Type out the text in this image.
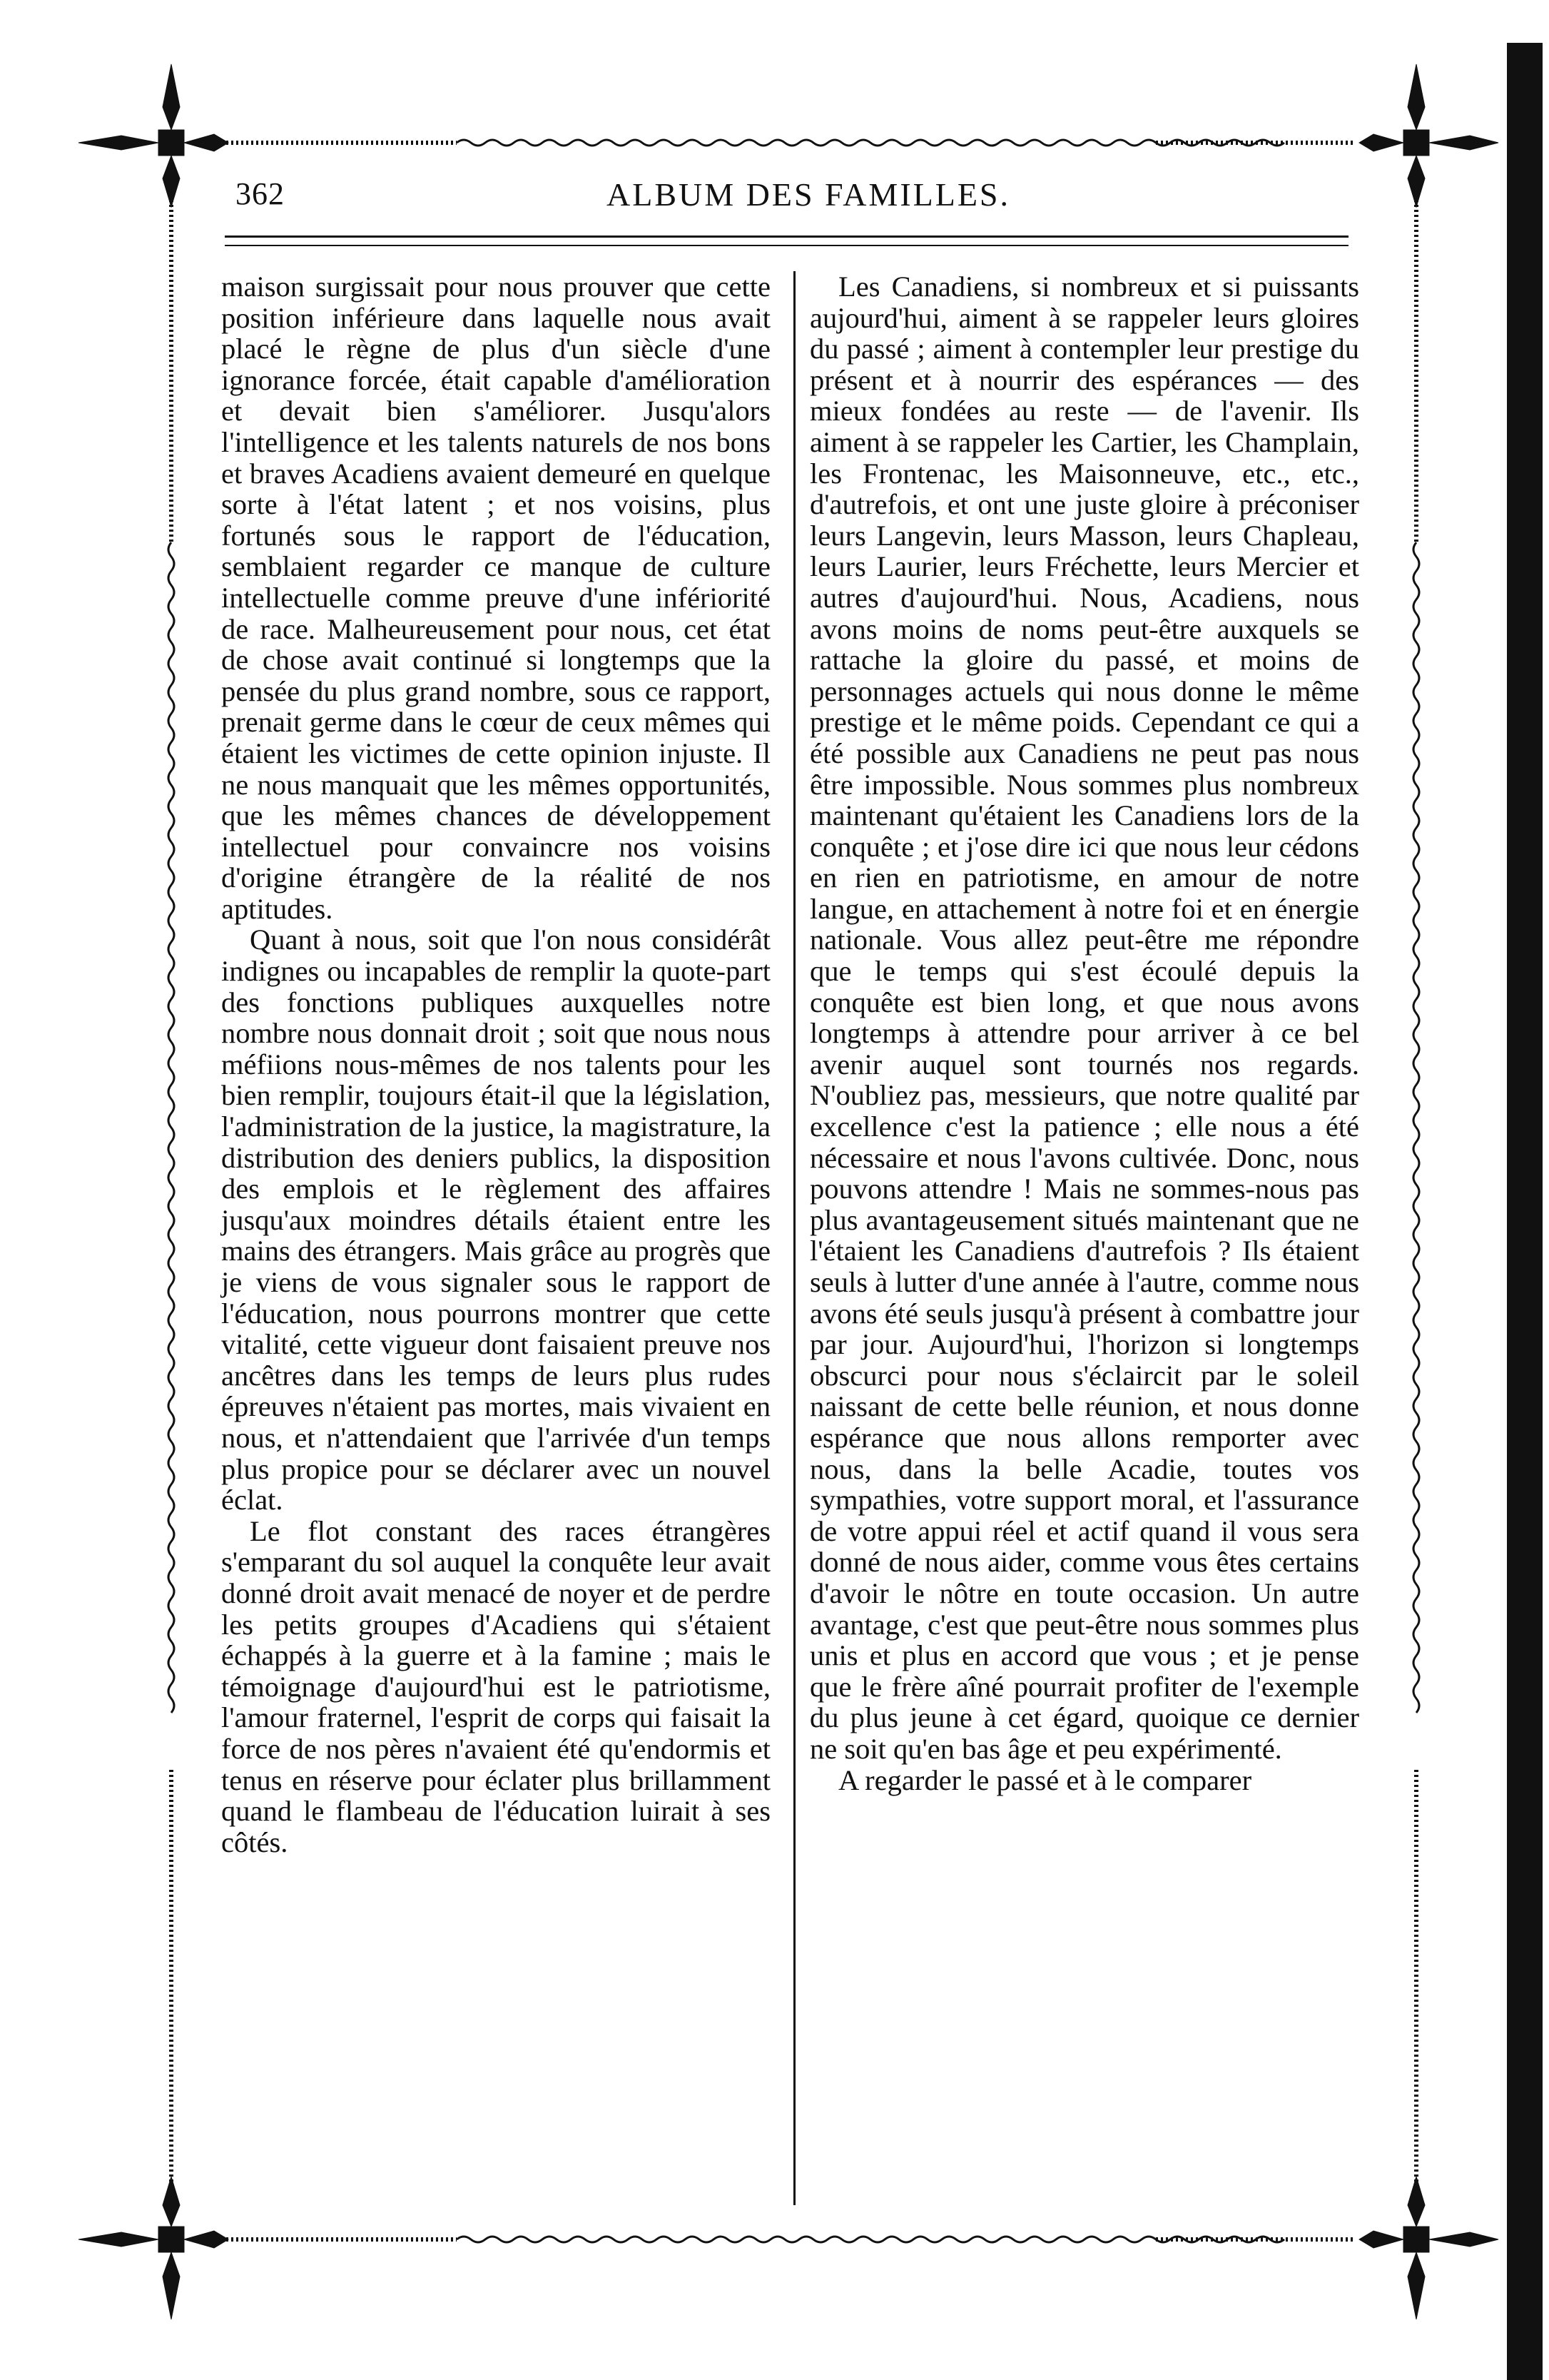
362	ALBUM DES FAMILLES.

maison surgissait pour nous prouver que cette position inférieure dans laquelle nous avait placé le règne de plus d'un siècle d'une ignorance forcée, était capable d'amélioration et devait bien s'améliorer. Jusqu'alors l'intelligence et les talents naturels de nos bons et braves Acadiens avaient demeuré en quelque sorte à l'état latent ; et nos voisins, plus fortunés sous le rapport de l'éducation, semblaient regarder ce manque de culture intellectuelle comme preuve d'une infériorité de race. Malheureusement pour nous, cet état de chose avait continué si longtemps que la pensée du plus grand nombre, sous ce rapport, prenait germe dans le cœur de ceux mêmes qui étaient les victimes de cette opinion injuste. Il ne nous manquait que les mêmes opportunités, que les mêmes chances de développement intellectuel pour convaincre nos voisins d'origine étrangère de la réalité de nos aptitudes.

Quant à nous, soit que l'on nous considérât indignes ou incapables de remplir la quote-part des fonctions publiques auxquelles notre nombre nous donnait droit ; soit que nous nous méfiions nous-mêmes de nos talents pour les bien remplir, toujours était-il que la législation, l'administration de la justice, la magistrature, la distribution des deniers publics, la disposition des emplois et le règlement des affaires jusqu'aux moindres détails étaient entre les mains des étrangers. Mais grâce au progrès que je viens de vous signaler sous le rapport de l'éducation, nous pourrons montrer que cette vitalité, cette vigueur dont faisaient preuve nos ancêtres dans les temps de leurs plus rudes épreuves n'étaient pas mortes, mais vivaient en nous, et n'attendaient que l'arrivée d'un temps plus propice pour se déclarer avec un nouvel éclat.

Le flot constant des races étrangères s'emparant du sol auquel la conquête leur avait donné droit avait menacé de noyer et de perdre les petits groupes d'Acadiens qui s'étaient échappés à la guerre et à la famine ; mais le témoignage d'aujourd'hui est le patriotisme, l'amour fraternel, l'esprit de corps qui faisait la force de nos pères n'avaient été qu'endormis et tenus en réserve pour éclater plus brillamment quand le flambeau de l'éducation luirait à ses côtés.

Les Canadiens, si nombreux et si puissants aujourd'hui, aiment à se rappeler leurs gloires du passé ; aiment à contempler leur prestige du présent et à nourrir des espérances — des mieux fondées au reste — de l'avenir. Ils aiment à se rappeler les Cartier, les Champlain, les Frontenac, les Maisonneuve, etc., etc., d'autrefois, et ont une juste gloire à préconiser leurs Langevin, leurs Masson, leurs Chapleau, leurs Laurier, leurs Fréchette, leurs Mercier et autres d'aujourd'hui. Nous, Acadiens, nous avons moins de noms peut-être auxquels se rattache la gloire du passé, et moins de personnages actuels qui nous donne le même prestige et le même poids. Cependant ce qui a été possible aux Canadiens ne peut pas nous être impossible. Nous sommes plus nombreux maintenant qu'étaient les Canadiens lors de la conquête ; et j'ose dire ici que nous leur cédons en rien en patriotisme, en amour de notre langue, en attachement à notre foi et en énergie nationale. Vous allez peut-être me répondre que le temps qui s'est écoulé depuis la conquête est bien long, et que nous avons longtemps à attendre pour arriver à ce bel avenir auquel sont tournés nos regards. N'oubliez pas, messieurs, que notre qualité par excellence c'est la patience ; elle nous a été nécessaire et nous l'avons cultivée. Donc, nous pouvons attendre ! Mais ne sommes-nous pas plus avantageusement situés maintenant que ne l'étaient les Canadiens d'autrefois ? Ils étaient seuls à lutter d'une année à l'autre, comme nous avons été seuls jusqu'à présent à combattre jour par jour. Aujourd'hui, l'horizon si longtemps obscurci pour nous s'éclaircit par le soleil naissant de cette belle réunion, et nous donne espérance que nous allons remporter avec nous, dans la belle Acadie, toutes vos sympathies, votre support moral, et l'assurance de votre appui réel et actif quand il vous sera donné de nous aider, comme vous êtes certains d'avoir le nôtre en toute occasion. Un autre avantage, c'est que peut-être nous sommes plus unis et plus en accord que vous ; et je pense que le frère aîné pourrait profiter de l'exemple du plus jeune à cet égard, quoique ce dernier ne soit qu'en bas âge et peu expérimenté.

A regarder le passé et à le comparer
